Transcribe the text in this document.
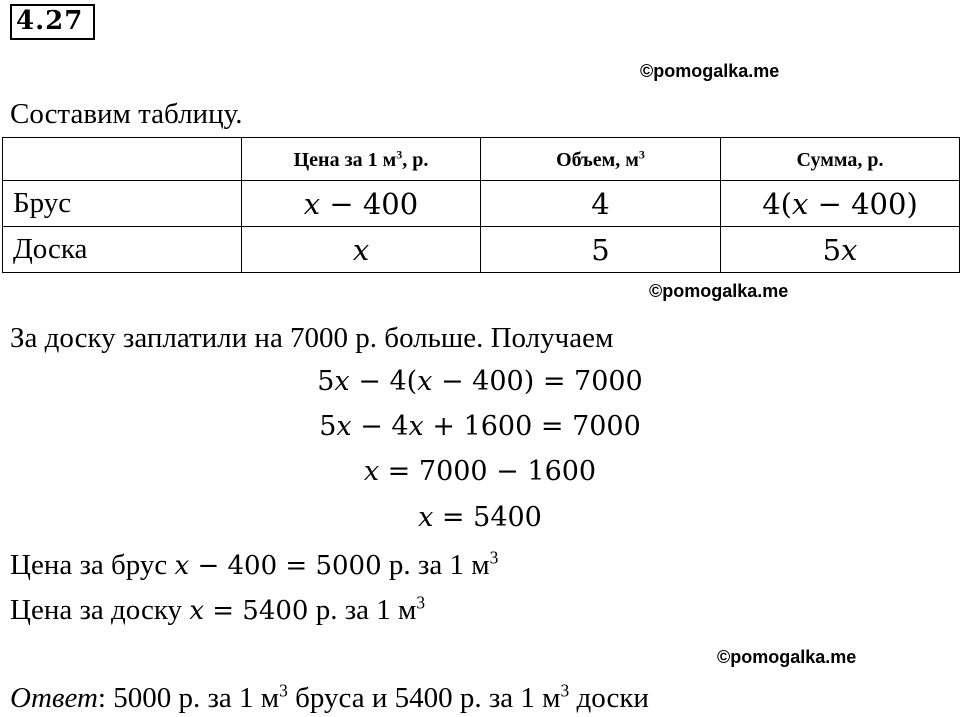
4.27
©pomogalka.me
Составим таблицу.
	Цена за 1 $м^3$, р.	Объем, $м^3$	Сумма, р.
Брус	𝑥 − 400	4	4(𝑥 − 400)
Доска	𝑥	5	5𝑥
©pomogalka.me
За доску заплатили на 7000 р. больше. Получаем
5𝑥 − 4(𝑥 − 400) = 7000
5𝑥 − 4𝑥 + 1600 = 7000
𝑥 = 7000 − 1600
𝑥 = 5400
Цена за брус 𝑥 − 400 = 5000 р. за 1 $м^3$
Цена за доску 𝑥 = 5400 р. за 1 $м^3$
©pomogalka.me
Ответ: 5000 р. за 1 $м^3$ бруса и 5400 р. за 1 $м^3$ доски
